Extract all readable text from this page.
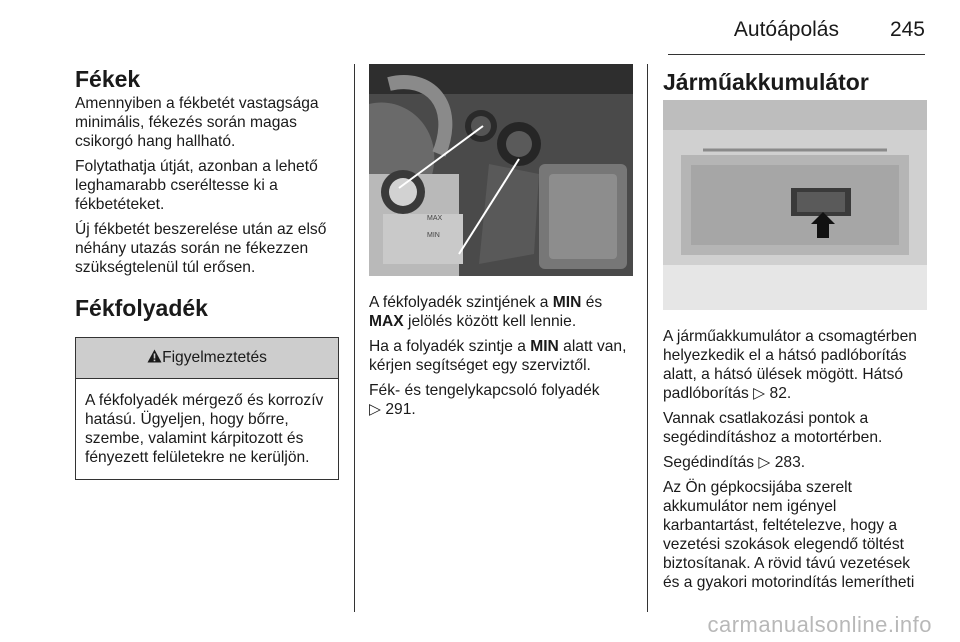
Autóápolás 245
Fékek

Amennyiben a fékbetét vastagsága minimális, fékezés során magas csikorgó hang hallható.

Folytathatja útját, azonban a lehető leghamarabb cseréltesse ki a fékbetéteket.

Új fékbetét beszerelése után az első néhány utazás során ne fékezzen szükségtelenül túl erősen.

Fékfolyadék
Figyelmeztetés
A fékfolyadék mérgező és korrozív hatású. Ügyeljen, hogy bőrre, szembe, valamint kárpitozott és fényezett felületekre ne kerüljön.
MAX
MIN

A fékfolyadék szintjének a MIN és MAX jelölés között kell lennie.

Ha a folyadék szintje a MIN alatt van, kérjen segítséget egy szerviztől.

Fék- és tengelykapcsoló folyadék
▷ 291.

Járműakkumulátor

A járműakkumulátor a csomagtérben helyezkedik el a hátsó padlóborítás alatt, a hátsó ülések mögött. Hátsó padlóborítás ▷ 82.

Vannak csatlakozási pontok a segédindításhoz a motortérben.

Segédindítás ▷ 283.

Az Ön gépkocsijába szerelt akkumulátor nem igényel karbantartást, feltételezve, hogy a vezetési szokások elegendő töltést biztosítanak. A rövid távú vezetések és a gyakori motorindítás lemerítheti

carmanualsonline.info
